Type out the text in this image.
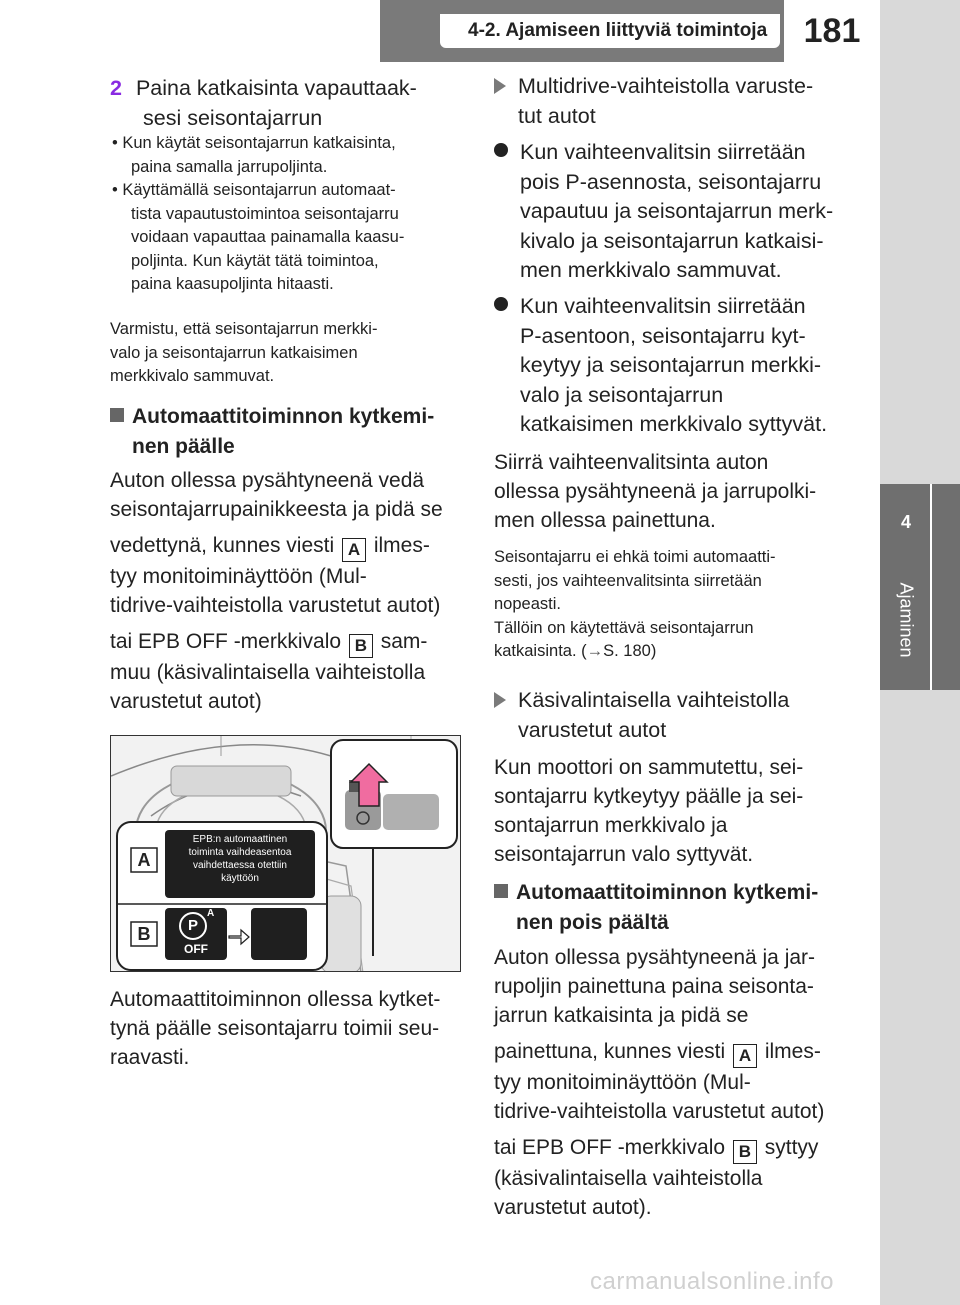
4-2. Ajamiseen liittyviä toimintoja	181
4
Ajaminen
2 Paina katkaisinta vapauttaak-
sesi seisontajarrun
• Kun käytät seisontajarrun katkaisinta,
paina samalla jarrupoljinta.
• Käyttämällä seisontajarrun automaat-
tista vapautustoimintoa seisontajarru
voidaan vapauttaa painamalla kaasu-
poljinta. Kun käytät tätä toimintoa,
paina kaasupoljinta hitaasti.
Varmistu, että seisontajarrun merkki-
valo ja seisontajarrun katkaisimen
merkkivalo sammuvat.
Automaattitoiminnon kytkemi-
nen päälle
Auton ollessa pysähtyneenä vedä
seisontajarrupainikkeesta ja pidä se
vedettynä, kunnes viesti A ilmes-
tyy monitoiminäyttöön (Mul-
tidrive-vaihteistolla varustetut autot)
tai EPB OFF -merkkivalo B sam-
muu (käsivalintaisella vaihteistolla
varustetut autot)
A
B
EPB:n automaattinen
toiminta vaihdeasentoa
vaihdettaessa otettiin
käyttöön
P
A
OFF
Automaattitoiminnon ollessa kytket-
tynä päälle seisontajarru toimii seu-
raavasti.
Multidrive-vaihteistolla varuste-
tut autot
Kun vaihteenvalitsin siirretään
pois P-asennosta, seisontajarru
vapautuu ja seisontajarrun merk-
kivalo ja seisontajarrun katkaisi-
men merkkivalo sammuvat.
Kun vaihteenvalitsin siirretään
P-asentoon, seisontajarru kyt-
keytyy ja seisontajarrun merkki-
valo ja seisontajarrun
katkaisimen merkkivalo syttyvät.
Siirrä vaihteenvalitsinta auton
ollessa pysähtyneenä ja jarrupolki-
men ollessa painettuna.
Seisontajarru ei ehkä toimi automaatti-
sesti, jos vaihteenvalitsinta siirretään
nopeasti.
Tällöin on käytettävä seisontajarrun
katkaisinta. (→S. 180)
Käsivalintaisella vaihteistolla
varustetut autot
Kun moottori on sammutettu, sei-
sontajarru kytkeytyy päälle ja sei-
sontajarrun merkkivalo ja
seisontajarrun valo syttyvät.
Automaattitoiminnon kytkemi-
nen pois päältä
Auton ollessa pysähtyneenä ja jar-
rupoljin painettuna paina seisonta-
jarrun katkaisinta ja pidä se
painettuna, kunnes viesti A ilmes-
tyy monitoiminäyttöön (Mul-
tidrive-vaihteistolla varustetut autot)
tai EPB OFF -merkkivalo B syttyy
(käsivalintaisella vaihteistolla
varustetut autot).
carmanualsonline.info
